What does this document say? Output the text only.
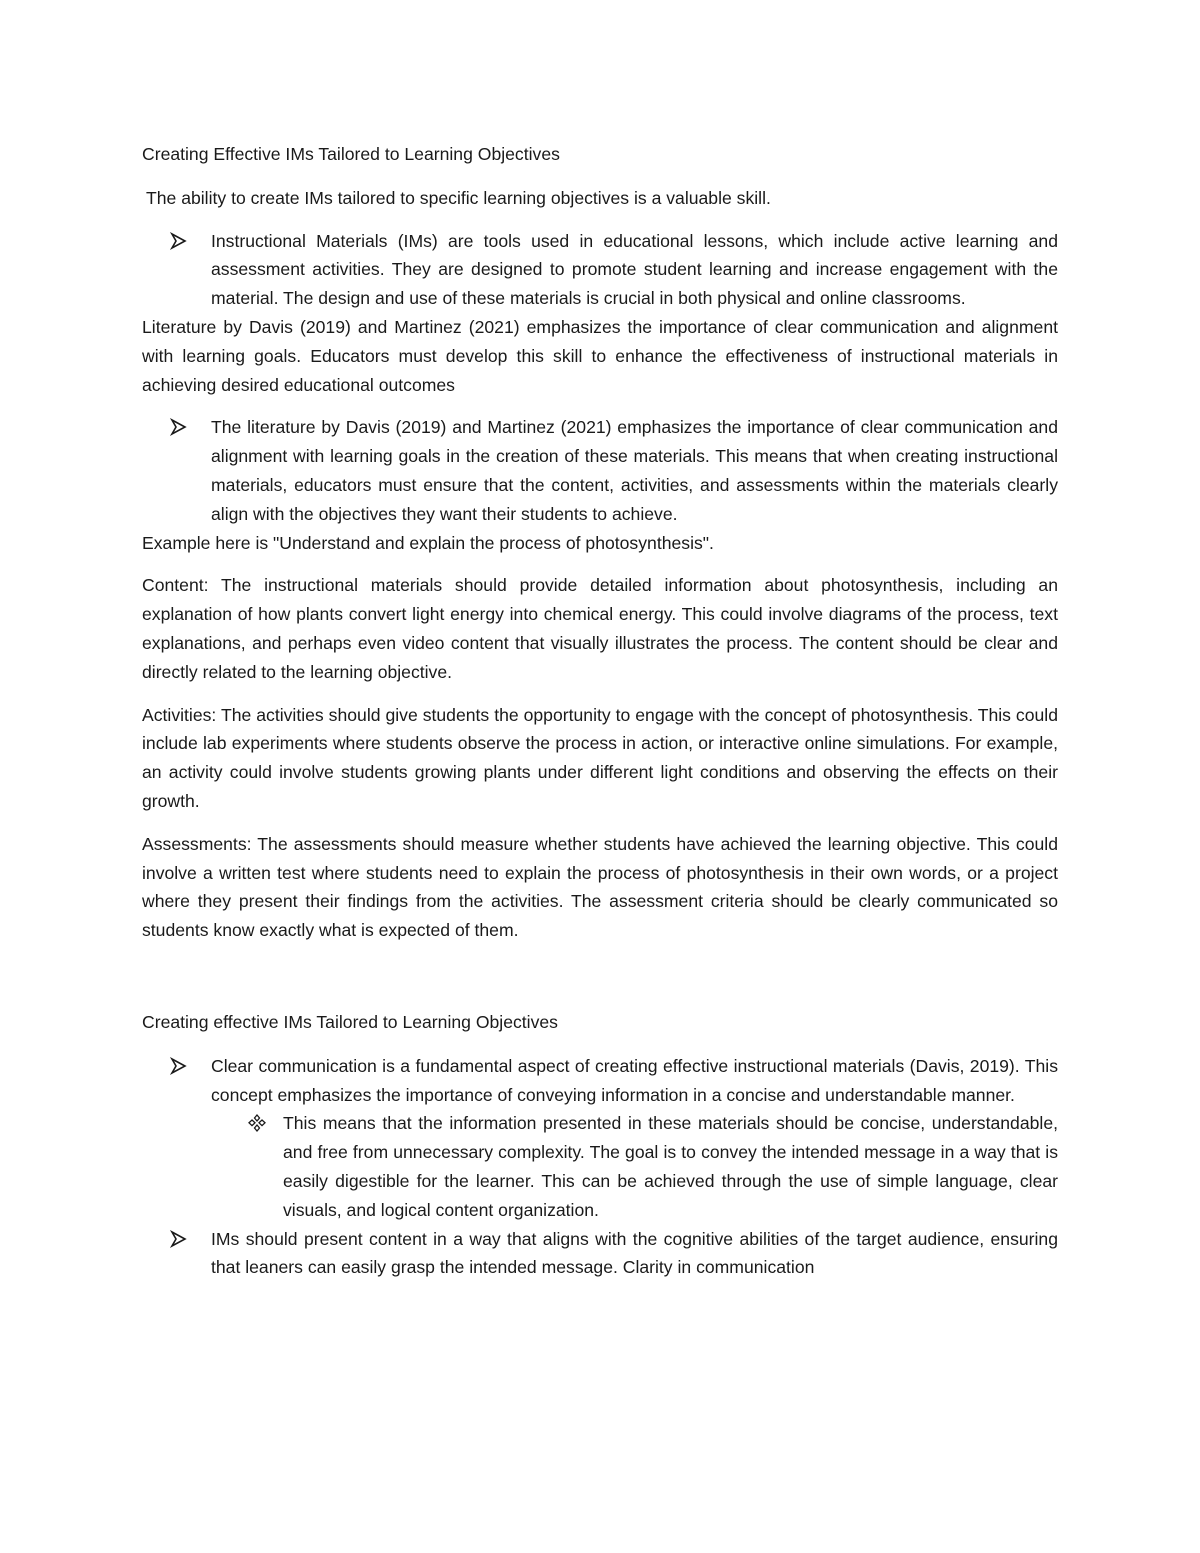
Creating Effective IMs Tailored to Learning Objectives

The ability to create IMs tailored to specific learning objectives is a valuable skill.

Instructional Materials (IMs) are tools used in educational lessons, which include active learning and assessment activities. They are designed to promote student learning and increase engagement with the material. The design and use of these materials is crucial in both physical and online classrooms.

Literature by Davis (2019) and Martinez (2021) emphasizes the importance of clear communication and alignment with learning goals. Educators must develop this skill to enhance the effectiveness of instructional materials in achieving desired educational outcomes

The literature by Davis (2019) and Martinez (2021) emphasizes the importance of clear communication and alignment with learning goals in the creation of these materials. This means that when creating instructional materials, educators must ensure that the content, activities, and assessments within the materials clearly align with the objectives they want their students to achieve.

Example here is "Understand and explain the process of photosynthesis".

Content: The instructional materials should provide detailed information about photosynthesis, including an explanation of how plants convert light energy into chemical energy. This could involve diagrams of the process, text explanations, and perhaps even video content that visually illustrates the process. The content should be clear and directly related to the learning objective.

Activities: The activities should give students the opportunity to engage with the concept of photosynthesis. This could include lab experiments where students observe the process in action, or interactive online simulations. For example, an activity could involve students growing plants under different light conditions and observing the effects on their growth.

Assessments: The assessments should measure whether students have achieved the learning objective. This could involve a written test where students need to explain the process of photosynthesis in their own words, or a project where they present their findings from the activities. The assessment criteria should be clearly communicated so students know exactly what is expected of them.

Creating effective IMs Tailored to Learning Objectives

Clear communication is a fundamental aspect of creating effective instructional materials (Davis, 2019). This concept emphasizes the importance of conveying information in a concise and understandable manner.
This means that the information presented in these materials should be concise, understandable, and free from unnecessary complexity. The goal is to convey the intended message in a way that is easily digestible for the learner. This can be achieved through the use of simple language, clear visuals, and logical content organization.
IMs should present content in a way that aligns with the cognitive abilities of the target audience, ensuring that leaners can easily grasp the intended message. Clarity in communication
